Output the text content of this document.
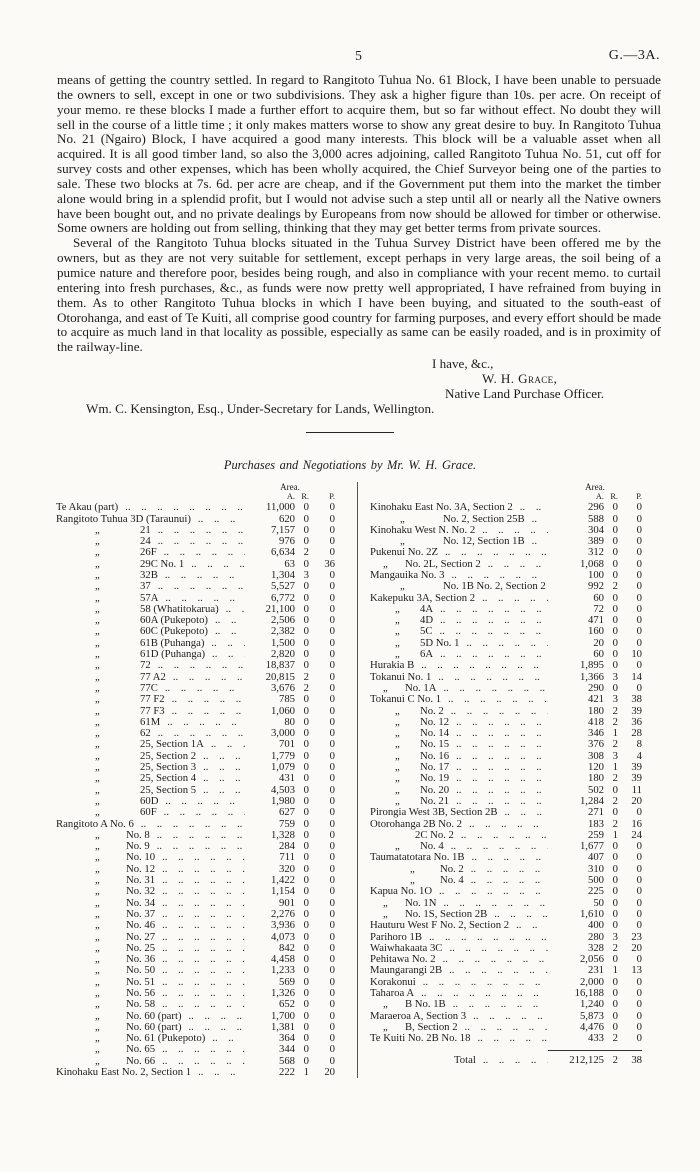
5	G.—3A.

means of getting the country settled. In regard to Rangitoto Tuhua No. 61 Block, I have been unable to persuade the owners to sell, except in one or two subdivisions. They ask a higher figure than 10s. per acre. On receipt of your memo. re these blocks I made a further effort to acquire them, but so far without effect. No doubt they will sell in the course of a little time ; it only makes matters worse to show any great desire to buy. In Rangitoto Tuhua No. 21 (Ngairo) Block, I have acquired a good many interests. This block will be a valuable asset when all acquired. It is all good timber land, so also the 3,000 acres adjoining, called Rangitoto Tuhua No. 51, cut off for survey costs and other expenses, which has been wholly acquired, the Chief Surveyor being one of the parties to sale. These two blocks at 7s. 6d. per acre are cheap, and if the Government put them into the market the timber alone would bring in a splendid profit, but I would not advise such a step until all or nearly all the Native owners have been bought out, and no private dealings by Europeans from now should be allowed for timber or otherwise. Some owners are holding out from selling, thinking that they may get better terms from private sources.

Several of the Rangitoto Tuhua blocks situated in the Tuhua Survey District have been offered me by the owners, but as they are not very suitable for settlement, except perhaps in very large areas, the soil being of a pumice nature and therefore poor, besides being rough, and also in compliance with your recent memo. to curtail entering into fresh purchases, &c., as funds were now pretty well appropriated, I have refrained from buying in them. As to other Rangitoto Tuhua blocks in which I have been buying, and situated to the south-east of Otorohanga, and east of Te Kuiti, all comprise good country for farming purposes, and every effort should be made to acquire as much land in that locality as possible, especially as same can be easily roaded, and is in proximity of the railway-line.

I have, &c.,
W. H. Grace,
Native Land Purchase Officer.
Wm. C. Kensington, Esq., Under-Secretary for Lands, Wellington.
Purchases and Negotiations by Mr. W. H. Grace.
Area.
A. R.	P.
Te Akau (part) .. ..	11,000 0	0
Rangitoto Tuhua 3D (Taraunui) .. ..	620 0	0
„	21 .. ..	7,157 0	0
„	24 .. ..	976 0	0
„	26F .. ..	6,634 2	0
„	29C No. 1 .. ..	63 0	36
„	32B .. ..	1,304 3	0
„	37 .. ..	5,527 0	0
„	57A .. ..	6,772 0	0
„	58 (Whatitokarua) .. ..	21,100 0	0
„	60A (Pukepoto) .. ..	2,506 0	0
„	60C (Pukepoto) .. ..	2,382 0	0
„	61B (Puhanga) .. ..	1,500 0	0
„	61D (Puhanga) .. ..	2,820 0	0
„	72 .. ..	18,837 0	0
„	77 A2 .. ..	20,815 2	0
„	77C .. ..	3,676 2	0
„	77 F2 .. ..	785 0	0
„	77 F3 .. ..	1,060 0	0
„	61M .. ..	80 0	0
„	62 .. ..	3,000 0	0
„	25, Section 1A .. ..	701 0	0
„	25, Section 2 .. ..	1,779 0	0
„	25, Section 3 .. ..	1,079 0	0
„	25, Section 4 .. ..	431 0	0
„	25, Section 5 .. ..	4,503 0	0
„	60D .. ..	1,980 0	0
„	60F .. ..	627 0	0
Rangitoto A No. 6 .. ..	759 0	0
„	No. 8 .. ..	1,328 0	0
„	No. 9 .. ..	284 0	0
„	No. 10 .. ..	711 0	0
„	No. 12 .. ..	320 0	0
„	No. 31 .. ..	1,422 0	0
„	No. 32 .. ..	1,154 0	0
„	No. 34 .. ..	901 0	0
„	No. 37 .. ..	2,276 0	0
„	No. 46 .. ..	3,936 0	0
„	No. 27 .. ..	4,073 0	0
„	No. 25 .. ..	842 0	0
„	No. 36 .. ..	4,458 0	0
„	No. 50 .. ..	1,233 0	0
„	No. 51 .. ..	569 0	0
„	No. 56 .. ..	1,326 0	0
„	No. 58 .. ..	652 0	0
„	No. 60 (part) .. ..	1,700 0	0
„	No. 60 (part) .. ..	1,381 0	0
„	No. 61 (Pukepoto) .. ..	364 0	0
„	No. 65 .. ..	344 0	0
„	No. 66 .. ..	568 0	0
Kinohaku East No. 2, Section 1 .. ..	222 1	20
Area.
A. R.	P.
Kinohaku East No. 3A, Section 2 .. ..	296 0	0
„	No. 2, Section 25B .. ..	588 0	0
Kinohaku West N. No. 2 .. ..	304 0	0
„	No. 12, Section 1B .. ..	389 0	0
Pukenui No. 2Z .. ..	312 0	0
„	No. 2L, Section 2 .. ..	1,068 0	0
Mangauika No. 3 .. ..	100 0	0
„	No. 1B No. 2, Section 2 .. ..	992 2	0
Kakepuku 3A, Section 2 .. ..	60 0	0
„	4A .. ..	72 0	0
„	4D .. ..	471 0	0
„	5C .. ..	160 0	0
„	5D No. 1 .. ..	20 0	0
„	6A .. ..	60 0	10
Hurakia B .. ..	1,895 0	0
Tokanui No. 1 .. ..	1,366 3	14
„	No. 1A .. ..	290 0	0
Tokanui C No. 1 .. ..	421 3	38
„	No. 2 .. ..	180 2	39
„	No. 12 .. ..	418 2	36
„	No. 14 .. ..	346 1	28
„	No. 15 .. ..	376 2	8
„	No. 16 .. ..	308 3	4
„	No. 17 .. ..	120 1	39
„	No. 19 .. ..	180 2	39
„	No. 20 .. ..	502 0	11
„	No. 21 .. ..	1,284 2	20
Pirongia West 3B, Section 2B .. ..	271 0	0
Otorohanga 2B No. 2 .. ..	183 2	16
2C No. 2 .. ..	259 1	24
„	No. 4 .. ..	1,677 0	0
Taumatatotara No. 1B .. ..	407 0	0
„	No. 2 .. ..	310 0	0
„	No. 4 .. ..	500 0	0
Kapua No. 1O .. ..	225 0	0
„	No. 1N .. ..	50 0	0
„	No. 1S, Section 2B .. ..	1,610 0	0
Hauturu West F No. 2, Section 2 .. ..	400 0	0
Parihoro 1B .. ..	280 3	23
Waiwhakaata 3C .. ..	328 2	20
Pehitawa No. 2 .. ..	2,056 0	0
Maungarangi 2B .. ..	231 1	13
Korakonui .. ..	2,000 0	0
Taharoa A .. ..	16,188 0	0
„	B No. 1B .. ..	1,240 0	0
Maraeroa A, Section 3 .. ..	5,873 0	0
„	B, Section 2 .. ..	4,476 0	0
Te Kuiti No. 2B No. 18 .. ..	433 2	0
Total .. ..	212,125 2	38
